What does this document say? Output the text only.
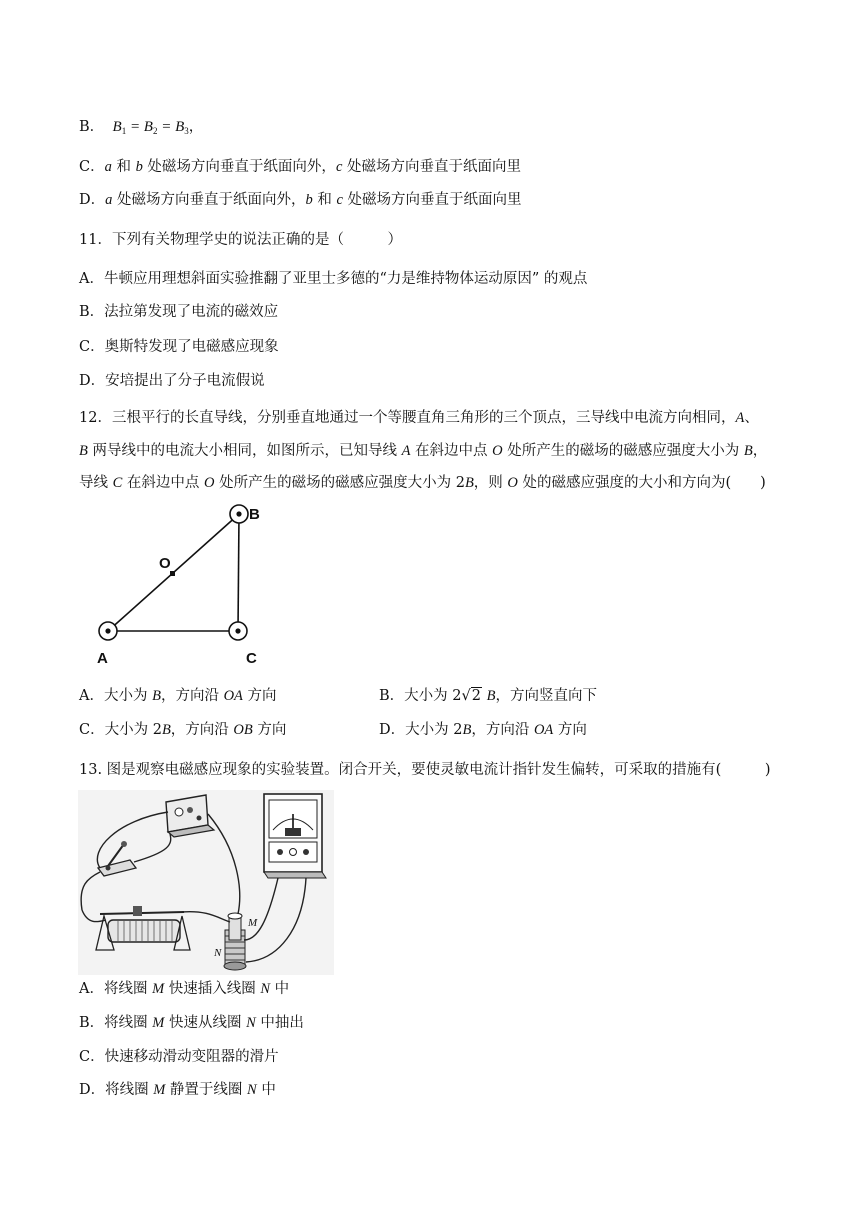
B．  $B_1 = B_2 = B_3$，
C．a 和 b 处磁场方向垂直于纸面向外，c 处磁场方向垂直于纸面向里
D．a 处磁场方向垂直于纸面向外，b 和 c 处磁场方向垂直于纸面向里
11．下列有关物理学史的说法正确的是（　　　）
A．牛顿应用理想斜面实验推翻了亚里士多德的“力是维持物体运动原因” 的观点
B．法拉第发现了电流的磁效应
C．奥斯特发现了电磁感应现象
D．安培提出了分子电流假说
12．三根平行的长直导线，分别垂直地通过一个等腰直角三角形的三个顶点，三导线中电流方向相同，A、
B 两导线中的电流大小相同，如图所示，已知导线 A 在斜边中点 O 处所产生的磁场的磁感应强度大小为 B，
导线 C 在斜边中点 O 处所产生的磁场的磁感应强度大小为 2B，则 O 处的磁感应强度的大小和方向为(　　)
A
B
C
O
A．大小为 B，方向沿 OA 方向	B．大小为 2√2 B，方向竖直向下
C．大小为 2B，方向沿 OB 方向	D．大小为 2B，方向沿 OA 方向
13. 图是观察电磁感应现象的实验装置。闭合开关，要使灵敏电流计指针发生偏转，可采取的措施有(　　　)
M
N
A．将线圈 M 快速插入线圈 N 中
B．将线圈 M 快速从线圈 N 中抽出
C．快速移动滑动变阻器的滑片
D．将线圈 M 静置于线圈 N 中
